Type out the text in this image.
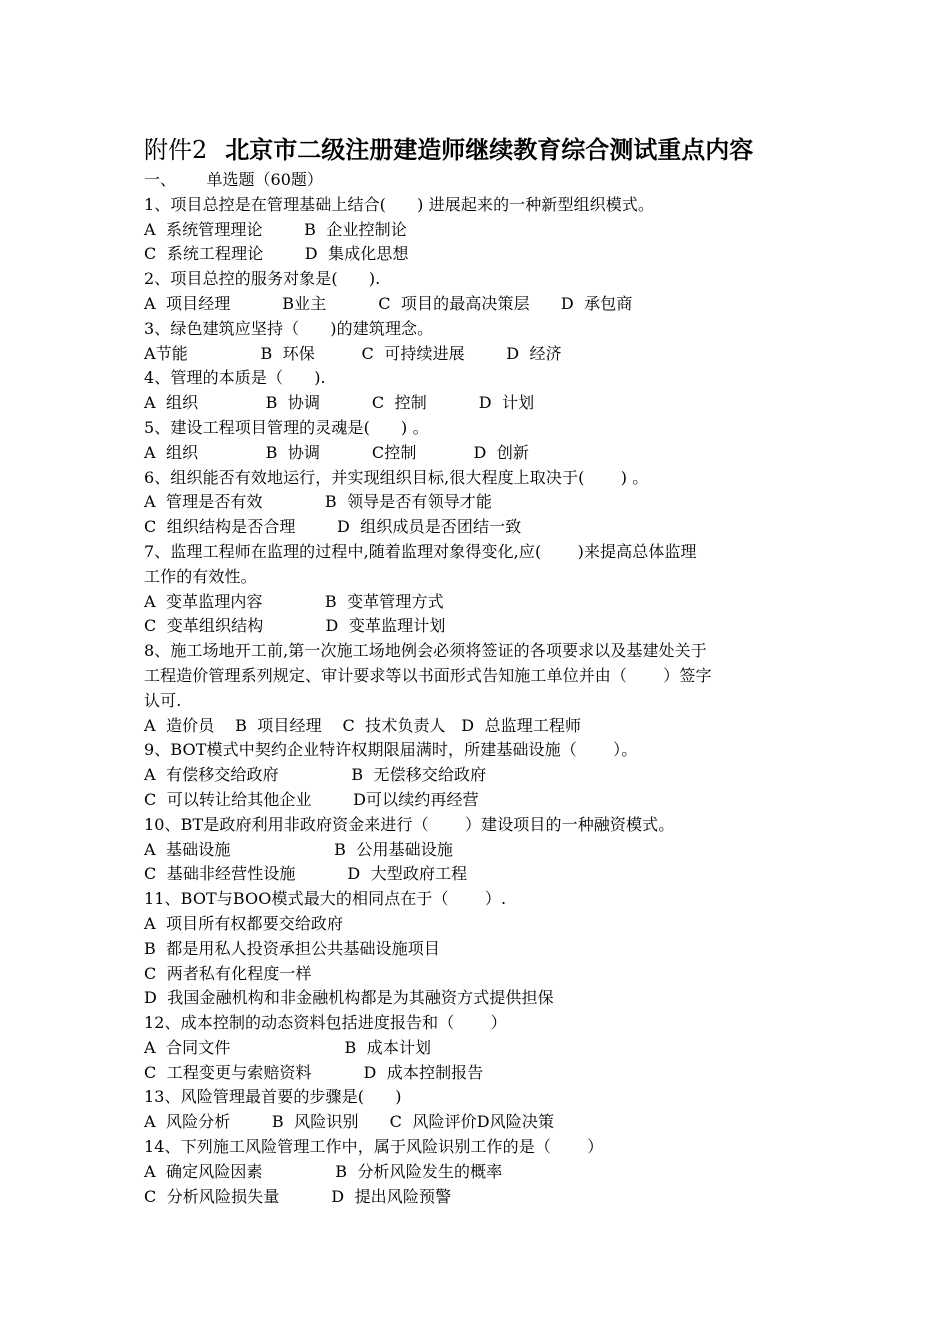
附件2 北京市二级注册建造师继续教育综合测试重点内容

一、      单选题（60题）

1、项目总控是在管理基础上结合(      ) 进展起来的一种新型组织模式。

A  系统管理理论        B  企业控制论

C  系统工程理论        D  集成化思想

2、项目总控的服务对象是(      ).

A  项目经理          B业主          C  项目的最高决策层      D  承包商

3、绿色建筑应坚持（      )的建筑理念。

A节能              B  环保         C  可持续进展        D  经济

4、管理的本质是（      ).

A  组织             B  协调          C  控制          D  计划

5、建设工程项目管理的灵魂是(      ) 。

A  组织             B  协调          C控制           D  创新

6、组织能否有效地运行，并实现组织目标,很大程度上取决于(       ) 。

A  管理是否有效            B  领导是否有领导才能

C  组织结构是否合理        D  组织成员是否团结一致

7、监理工程师在监理的过程中,随着监理对象得变化,应(       )来提高总体监理

工作的有效性。

A  变革监理内容            B  变革管理方式

C  变革组织结构            D  变革监理计划

8、施工场地开工前,第一次施工场地例会必须将签证的各项要求以及基建处关于

工程造价管理系列规定、审计要求等以书面形式告知施工单位并由（       ）签字

认可.

A  造价员    B  项目经理    C  技术负责人   D  总监理工程师

9、BOT模式中契约企业特许权期限届满时，所建基础设施（       ）。

A  有偿移交给政府              B  无偿移交给政府

C  可以转让给其他企业        D可以续约再经营

10、BT是政府利用非政府资金来进行（       ）建设项目的一种融资模式。

A  基础设施                    B  公用基础设施

C  基础非经营性设施          D  大型政府工程

11、BOT与BOO模式最大的相同点在于（       ）.

A  项目所有权都要交给政府

B  都是用私人投资承担公共基础设施项目

C  两者私有化程度一样

D  我国金融机构和非金融机构都是为其融资方式提供担保

12、成本控制的动态资料包括进度报告和（       ）

A  合同文件                      B  成本计划

C  工程变更与索赔资料          D  成本控制报告

13、风险管理最首要的步骤是(      )

A  风险分析        B  风险识别      C  风险评价D风险决策

14、下列施工风险管理工作中，属于风险识别工作的是（       ）

A  确定风险因素              B  分析风险发生的概率

C  分析风险损失量          D  提出风险预警
